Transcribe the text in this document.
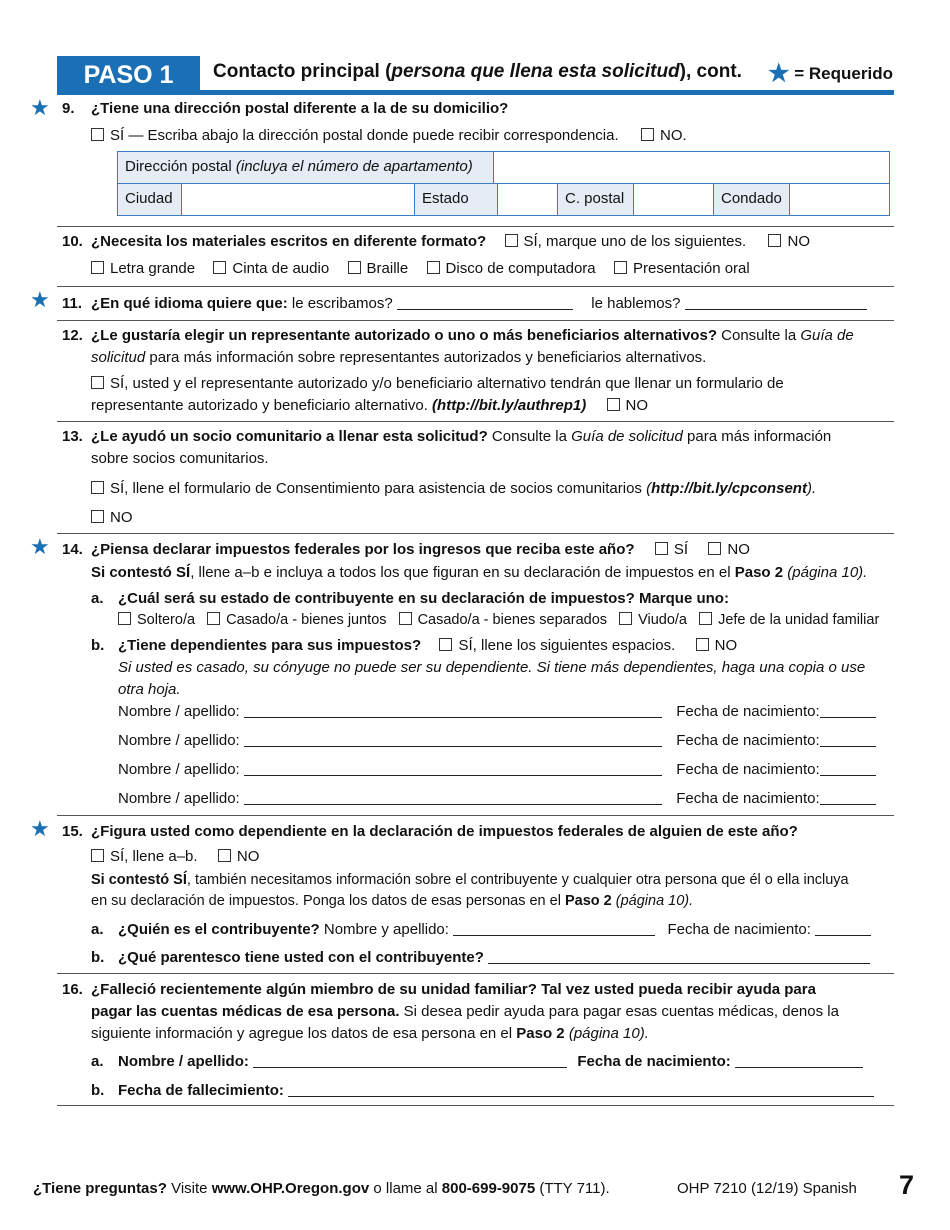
PASO 1	Contacto principal (persona que llena esta solicitud), cont. ★ = Requerido
★ 9. ¿Tiene una dirección postal diferente a la de su domicilio?
SÍ — Escriba abajo la dirección postal donde puede recibir correspondencia.	NO.
Dirección postal (incluya el número de apartamento)
Ciudad	Estado	C. postal	Condado
10. ¿Necesita los materiales escritos en diferente formato? SÍ, marque uno de los siguientes.	NO
Letra grande Cinta de audio Braille Disco de computadora Presentación oral
★ 11. ¿En qué idioma quiere que: le escribamos?	le hablemos?
12. ¿Le gustaría elegir un representante autorizado o uno o más beneficiarios alternativos? Consulte la Guía de
solicitud para más información sobre representantes autorizados y beneficiarios alternativos.
SÍ, usted y el representante autorizado y/o beneficiario alternativo tendrán que llenar un formulario de
representante autorizado y beneficiario alternativo. (http://bit.ly/authrep1)	NO
13. ¿Le ayudó un socio comunitario a llenar esta solicitud? Consulte la Guía de solicitud para más información
sobre socios comunitarios.
SÍ, llene el formulario de Consentimiento para asistencia de socios comunitarios (http://bit.ly/cpconsent).
NO
★ 14. ¿Piensa declarar impuestos federales por los ingresos que reciba este año?	SÍ	NO
Si contestó SÍ, llene a–b e incluya a todos los que figuran en su declaración de impuestos en el Paso 2 (página 10).
a. ¿Cuál será su estado de contribuyente en su declaración de impuestos? Marque uno:
Soltero/a Casado/a - bienes juntos Casado/a - bienes separados Viudo/a Jefe de la unidad familiar
b. ¿Tiene dependientes para sus impuestos? SÍ, llene los siguientes espacios.	NO
Si usted es casado, su cónyuge no puede ser su dependiente. Si tiene más dependientes, haga una copia o use
otra hoja.
Nombre / apellido:	Fecha de nacimiento:
Nombre / apellido:	Fecha de nacimiento:
Nombre / apellido:	Fecha de nacimiento:
Nombre / apellido:	Fecha de nacimiento:
★ 15. ¿Figura usted como dependiente en la declaración de impuestos federales de alguien de este año?
SÍ, llene a–b.	NO
Si contestó SÍ, también necesitamos información sobre el contribuyente y cualquier otra persona que él o ella incluya
en su declaración de impuestos. Ponga los datos de esas personas en el Paso 2 (página 10).
a. ¿Quién es el contribuyente? Nombre y apellido:	Fecha de nacimiento:
b. ¿Qué parentesco tiene usted con el contribuyente?
16. ¿Falleció recientemente algún miembro de su unidad familiar? Tal vez usted pueda recibir ayuda para
pagar las cuentas médicas de esa persona. Si desea pedir ayuda para pagar esas cuentas médicas, denos la
siguiente información y agregue los datos de esa persona en el Paso 2 (página 10).
a. Nombre / apellido:	Fecha de nacimiento:
b. Fecha de fallecimiento:
¿Tiene preguntas? Visite www.OHP.Oregon.gov o llame al 800-699-9075 (TTY 711).	OHP 7210 (12/19) Spanish 7
